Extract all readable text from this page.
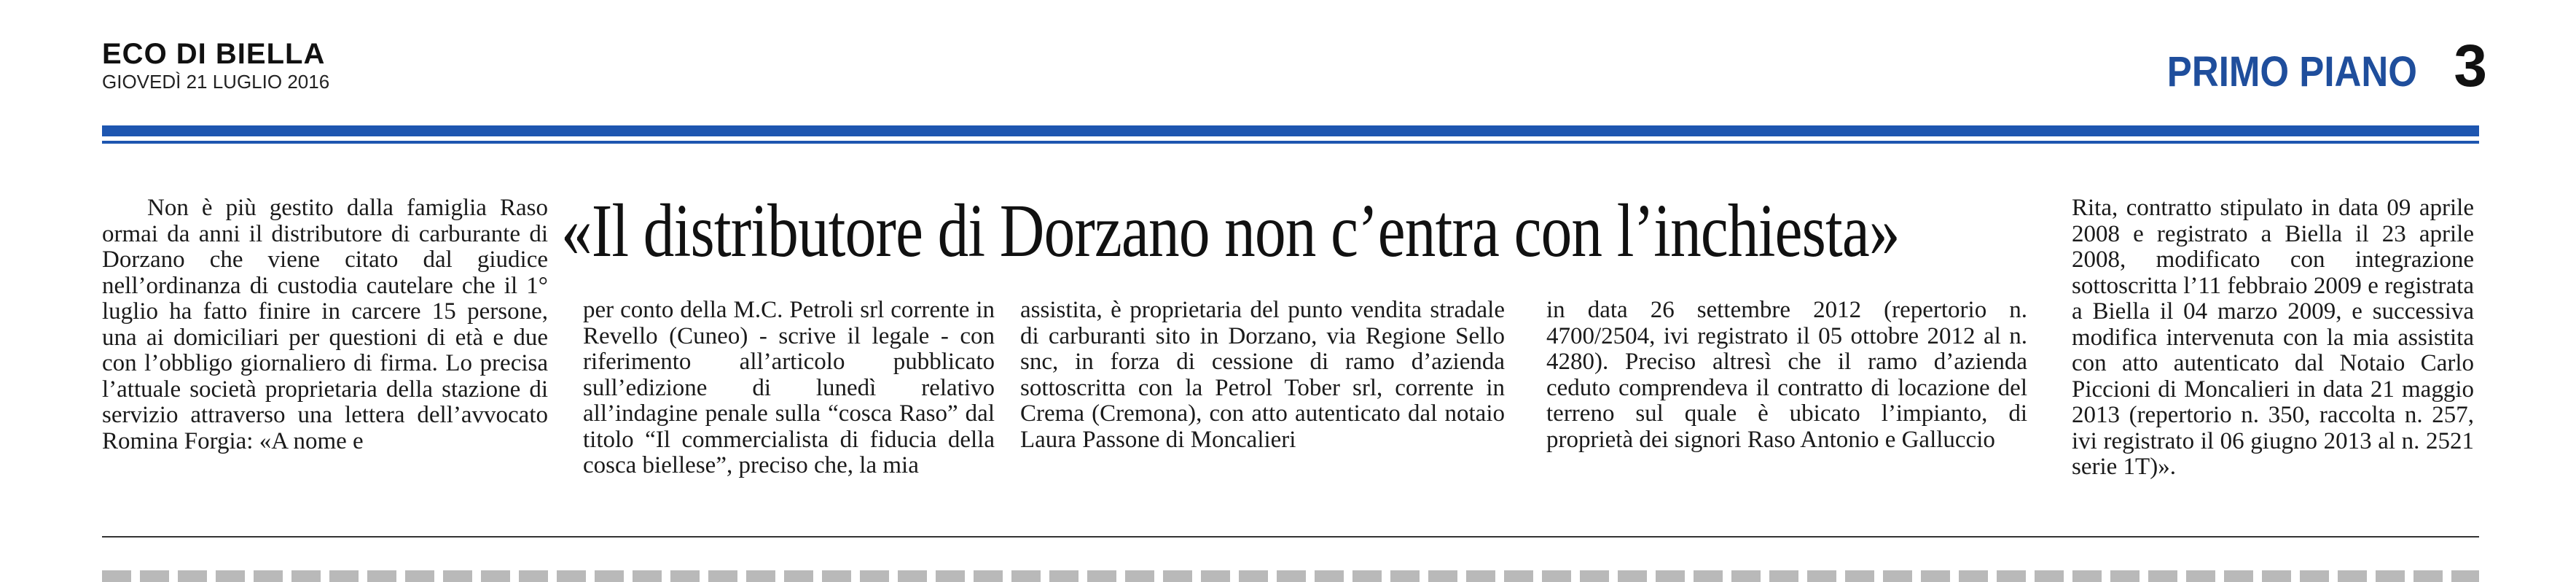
ECO DI BIELLA
GIOVEDÌ 21 LUGLIO 2016	PRIMO PIANO 3

Non è più gestito dalla famiglia Raso ormai da anni il distributore di carburante di Dorzano che viene citato dal giudice nell’ordinanza di custodia cautelare che il 1° luglio ha fatto finire in carcere 15 persone, una ai domiciliari per questioni di età e due con l’obbligo giornaliero di firma. Lo precisa l’attuale società proprietaria della stazione di servizio attraverso una lettera dell’avvocato Romina Forgia: «A nome e

«Il distributore di Dorzano non c’entra con l’inchiesta»

per conto della M.C. Petroli srl corrente in Revello (Cuneo) - scrive il legale - con riferimento all’articolo pubblicato sull’edizione di lunedì relativo all’indagine penale sulla “cosca Raso” dal titolo “Il commercialista di fiducia della cosca biellese”, preciso che, la mia

assistita, è proprietaria del punto vendita stradale di carburanti sito in Dorzano, via Regione Sello snc, in forza di cessione di ramo d’azienda sottoscritta con la Petrol Tober srl, corrente in Crema (Cremona), con atto autenticato dal notaio Laura Passone di Moncalieri

in data 26 settembre 2012 (repertorio n. 4700/2504, ivi registrato il 05 ottobre 2012 al n. 4280). Preciso altresì che il ramo d’azienda ceduto comprendeva il contratto di locazione del terreno sul quale è ubicato l’impianto, di proprietà dei signori Raso Antonio e Galluccio

Rita, contratto stipulato in data 09 aprile 2008 e registrato a Biella il 23 aprile 2008, modificato con integrazione sottoscritta l’11 febbraio 2009 e registrata a Biella il 04 marzo 2009, e successiva modifica intervenuta con la mia assistita con atto autenticato dal Notaio Carlo Piccioni di Moncalieri in data 21 maggio 2013 (repertorio n. 350, raccolta n. 257, ivi registrato il 06 giugno 2013 al n. 2521 serie 1T)».
